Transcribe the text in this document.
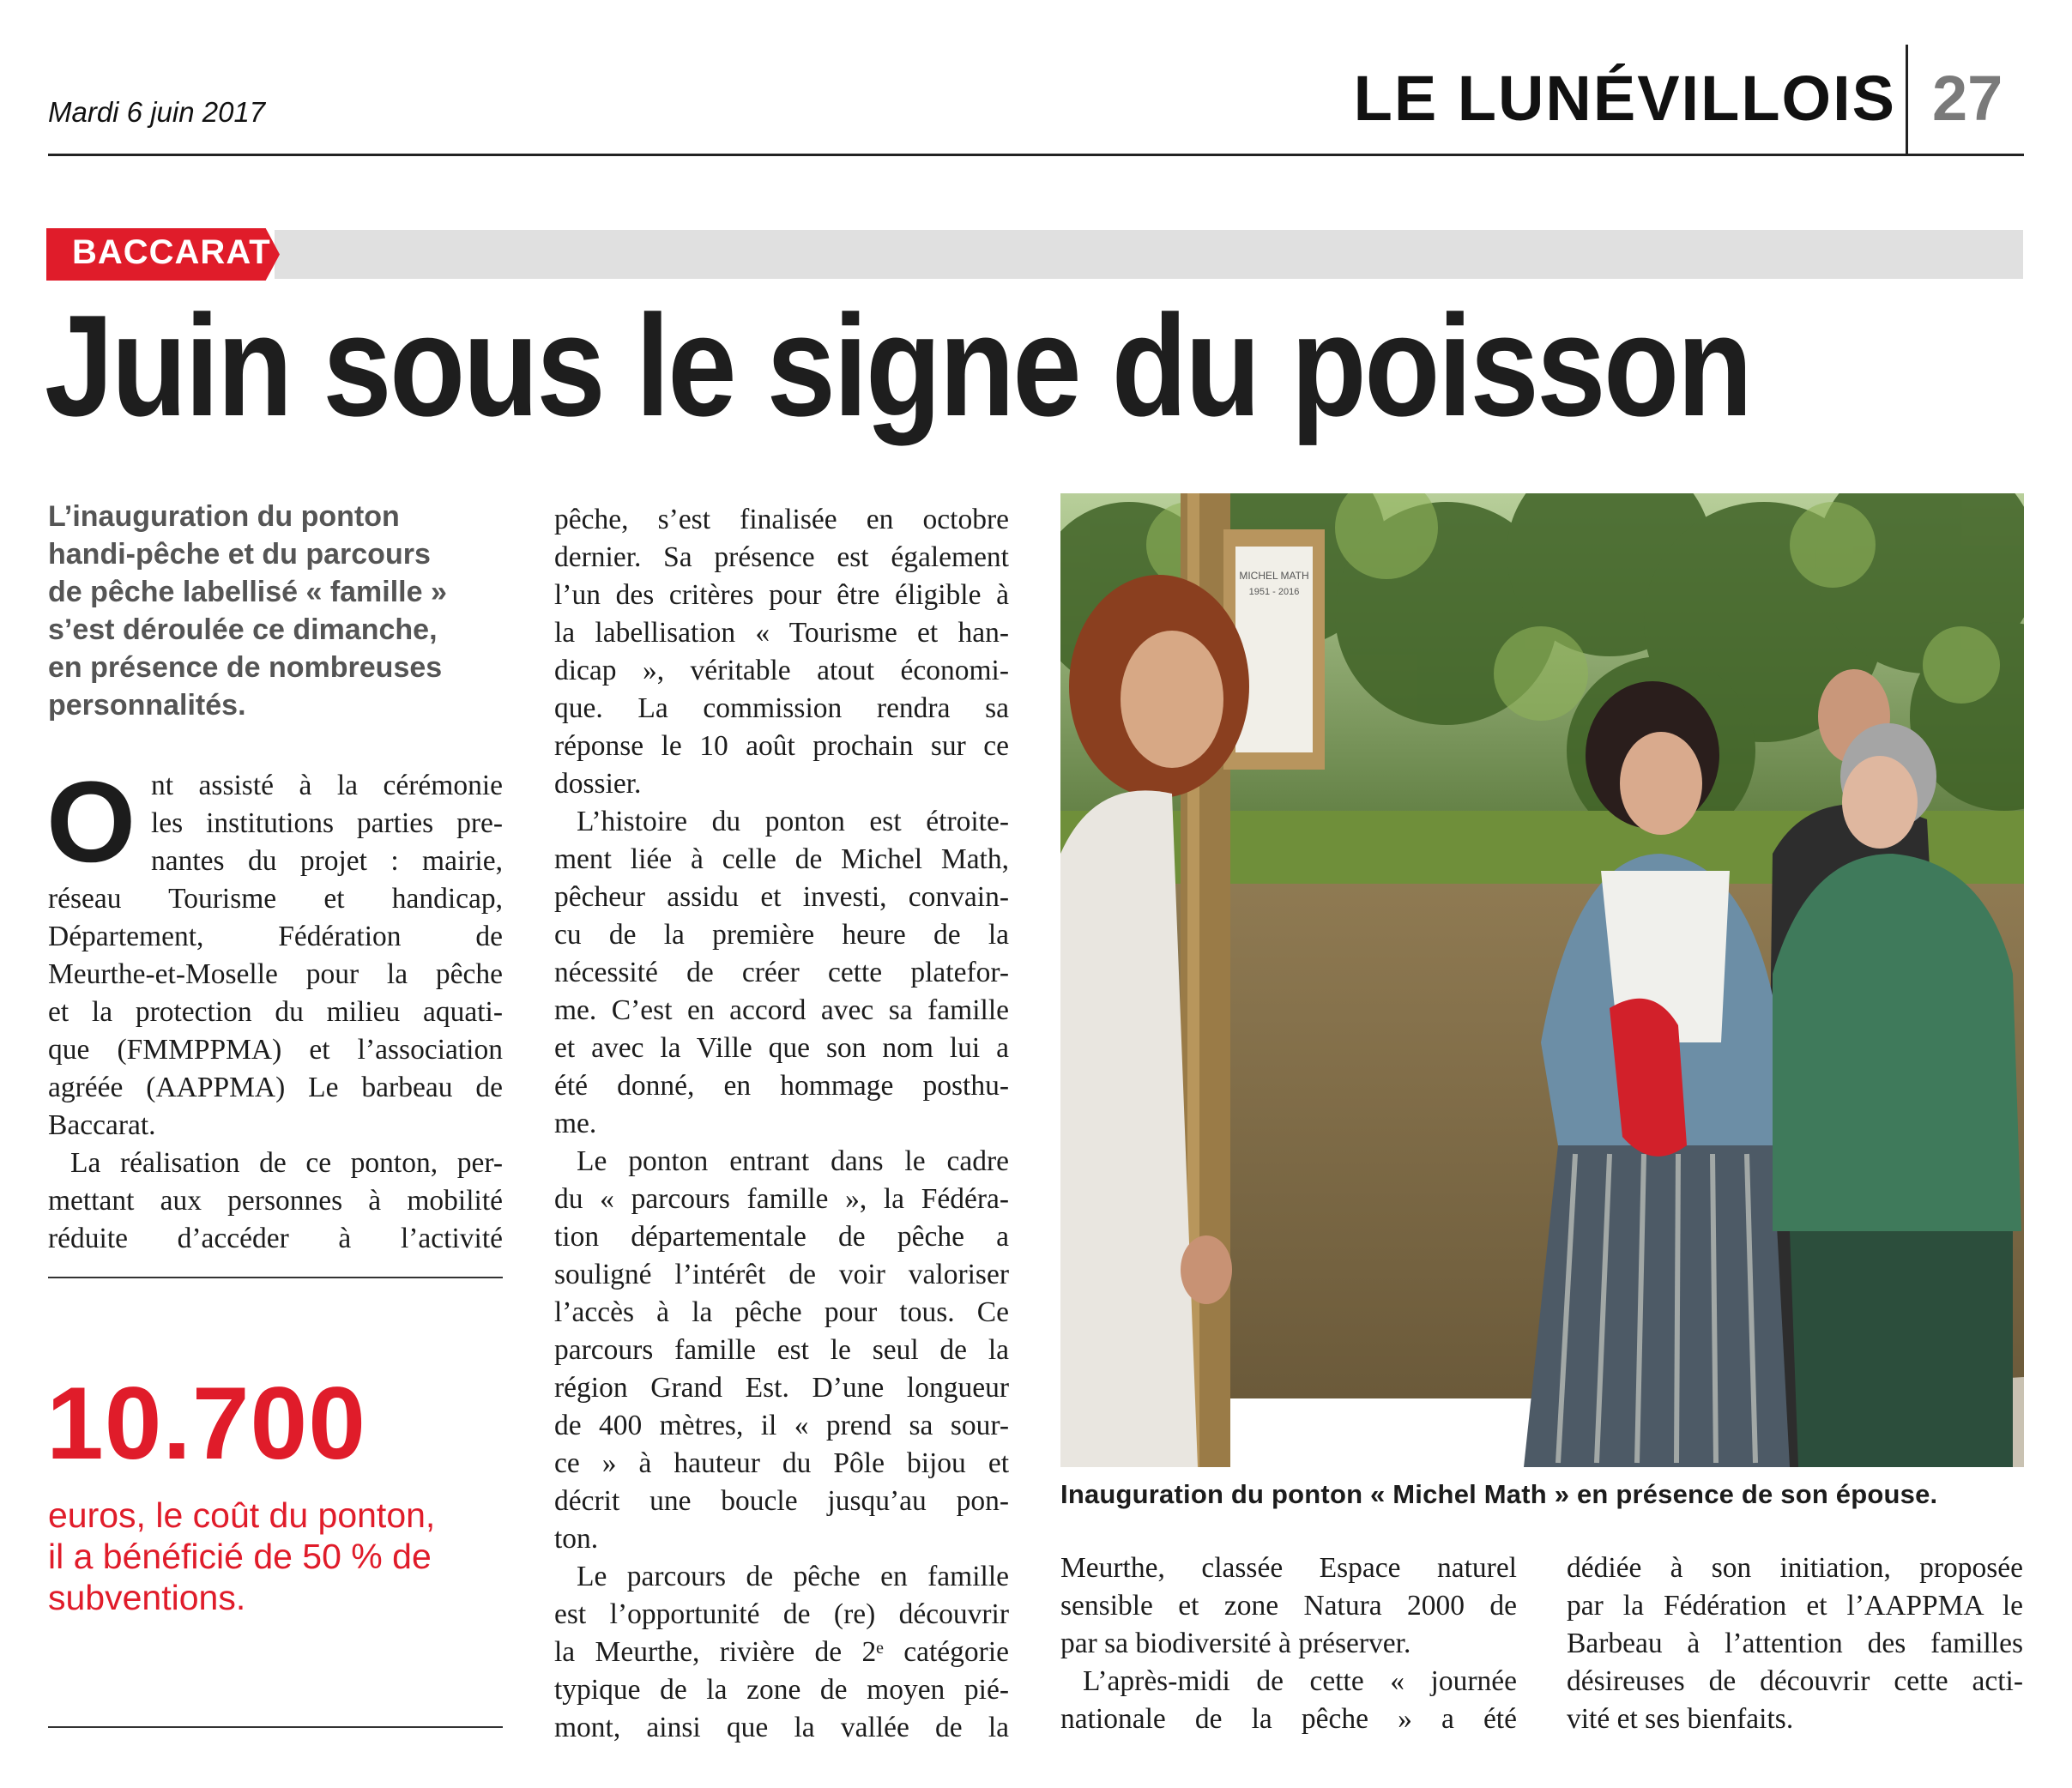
Mardi 6 juin 2017	LE LUNÉVILLOIS 27
BACCARAT
Juin sous le signe du poisson
L’inauguration du ponton
handi-pêche et du parcours
de pêche labellisé « famille »
s’est déroulée ce dimanche,
en présence de nombreuses
personnalités.
O nt assisté à la cérémonie
les institutions parties pre-
nantes du projet : mairie,
réseau Tourisme et handicap,
Département, Fédération de
Meurthe-et-Moselle pour la pêche
et la protection du milieu aquati-
que (FMMPPMA) et l’association
agréée (AAPPMA) Le barbeau de
Baccarat.
La réalisation de ce ponton, per-
mettant aux personnes à mobilité
réduite d’accéder à l’activité
10.700
euros, le coût du ponton,
il a bénéficié de 50 % de
subventions.
pêche, s’est finalisée en octobre
dernier. Sa présence est également
l’un des critères pour être éligible à
la labellisation « Tourisme et han-
dicap », véritable atout économi-
que. La commission rendra sa
réponse le 10 août prochain sur ce
dossier.
L’histoire du ponton est étroite-
ment liée à celle de Michel Math,
pêcheur assidu et investi, convain-
cu de la première heure de la
nécessité de créer cette platefor-
me. C’est en accord avec sa famille
et avec la Ville que son nom lui a
été donné, en hommage posthu-
me.
Le ponton entrant dans le cadre
du « parcours famille », la Fédéra-
tion départementale de pêche a
souligné l’intérêt de voir valoriser
l’accès à la pêche pour tous. Ce
parcours famille est le seul de la
région Grand Est. D’une longueur
de 400 mètres, il « prend sa sour-
ce » à hauteur du Pôle bijou et
décrit une boucle jusqu’au pon-
ton.
Le parcours de pêche en famille
est l’opportunité de (re) découvrir
la Meurthe, rivière de 2ᵉ catégorie
typique de la zone de moyen pié-
mont, ainsi que la vallée de la
MICHEL MATH
1951 - 2016
Inauguration du ponton « Michel Math » en présence de son épouse.
Meurthe, classée Espace naturel
sensible et zone Natura 2000 de
par sa biodiversité à préserver.
L’après-midi de cette « journée
nationale de la pêche » a été
dédiée à son initiation, proposée
par la Fédération et l’AAPPMA le
Barbeau à l’attention des familles
désireuses de découvrir cette acti-
vité et ses bienfaits.
